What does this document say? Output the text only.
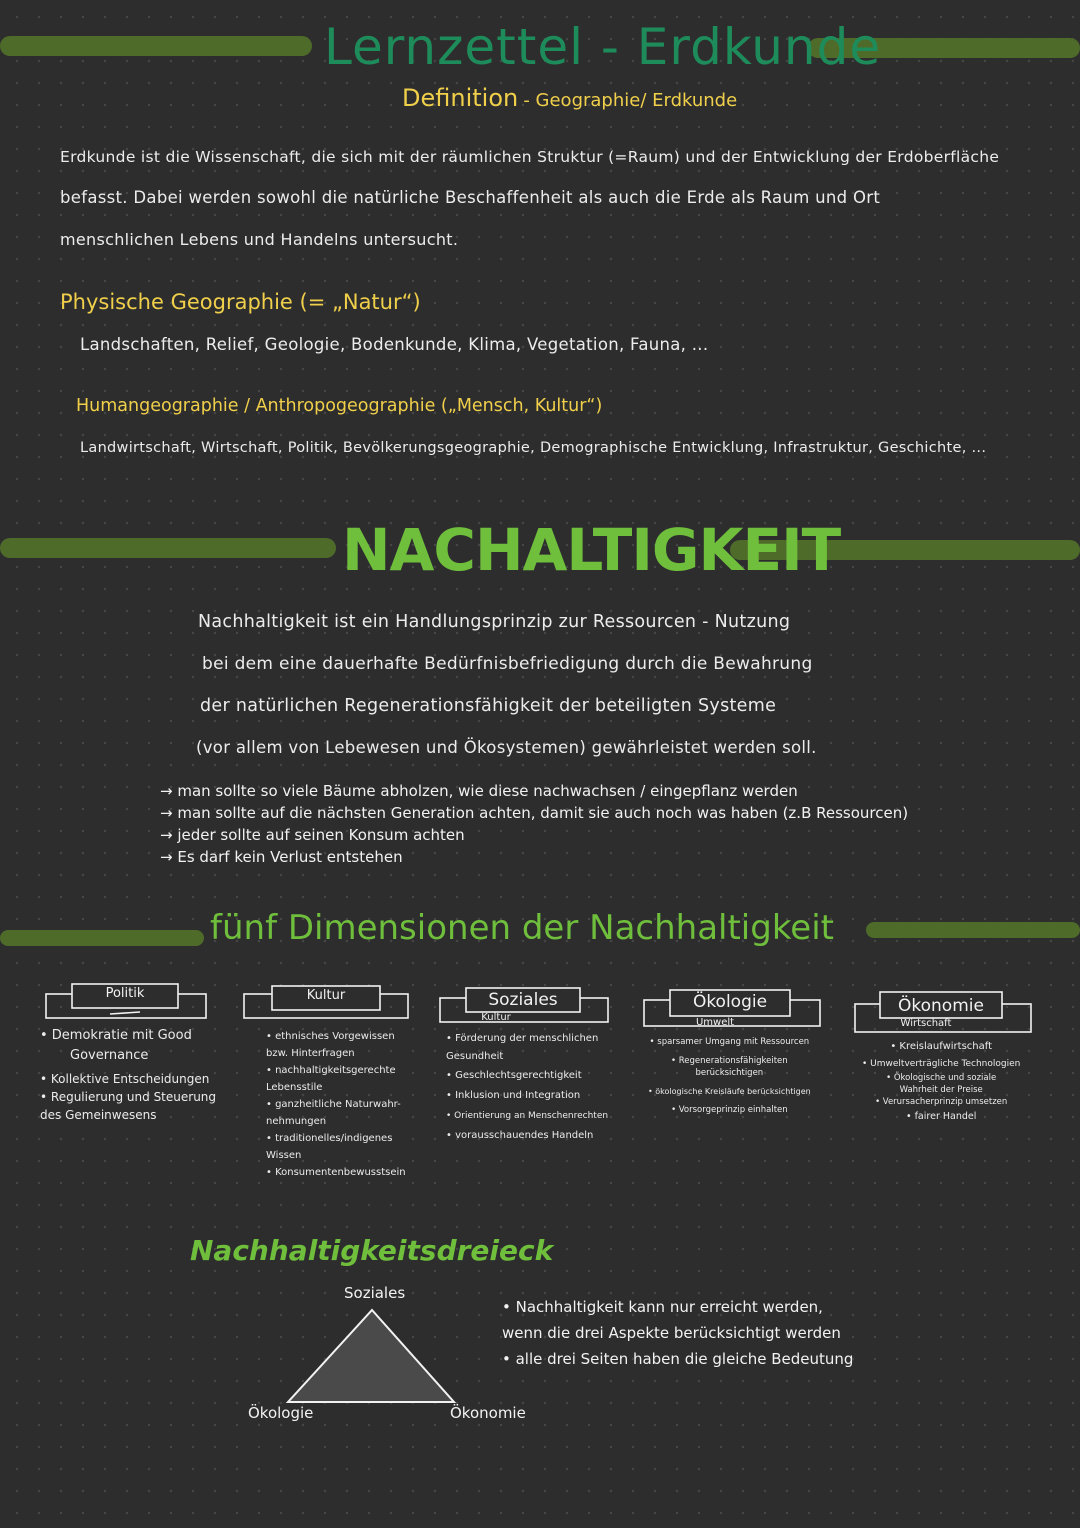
Lernzettel - Erdkunde
Definition - Geographie/ Erdkunde
Erdkunde ist die Wissenschaft, die sich mit der räumlichen Struktur (=Raum) und der Entwicklung der Erdoberfläche
befasst. Dabei werden sowohl die natürliche Beschaffenheit als auch die Erde als Raum und Ort
menschlichen Lebens und Handelns untersucht.
Physische Geographie (= „Natur“)
Landschaften, Relief, Geologie, Bodenkunde, Klima, Vegetation, Fauna, ...
Humangeographie / Anthropogeographie („Mensch, Kultur“)
Landwirtschaft, Wirtschaft, Politik, Bevölkerungsgeographie, Demographische Entwicklung, Infrastruktur, Geschichte, ...
NACHALTIGKEIT
Nachhaltigkeit ist ein Handlungsprinzip zur Ressourcen - Nutzung
bei dem eine dauerhafte Bedürfnisbefriedigung durch die Bewahrung
der natürlichen Regenerationsfähigkeit der beteiligten Systeme
(vor allem von Lebewesen und Ökosystemen) gewährleistet werden soll.
→ man sollte so viele Bäume abholzen, wie diese nachwachsen / eingepflanz werden
→ man sollte auf die nächsten Generation achten, damit sie auch noch was haben (z.B Ressourcen)
→ jeder sollte auf seinen Konsum achten
→ Es darf kein Verlust entstehen
fünf Dimensionen der Nachhaltigkeit
Politik	Kultur	Soziales
Kultur
Ökologie
Umwelt
Ökonomie
Wirtschaft
• Demokratie mit Good
Governance
• Kollektive Entscheidungen
• Regulierung und Steuerung
des Gemeinwesens
• ethnisches Vorgewissen
bzw. Hinterfragen
• nachhaltigkeitsgerechte
Lebensstile
• ganzheitliche Naturwahr-
nehmungen
• traditionelles/indigenes
Wissen
• Konsumentenbewusstsein
• Förderung der menschlichen
Gesundheit
• Geschlechtsgerechtigkeit
• Inklusion und Integration
• Orientierung an Menschenrechten
• vorausschauendes Handeln
• sparsamer Umgang mit Ressourcen
• Regenerationsfähigkeiten
berücksichtigen
• ökologische Kreisläufe berücksichtigen
• Vorsorgeprinzip einhalten
• Kreislaufwirtschaft
• Umweltverträgliche Technologien
• Ökologische und soziale
Wahrheit der Preise
• Verursacherprinzip umsetzen
• fairer Handel
Nachhaltigkeitsdreieck
Soziales
Ökologie	Ökonomie
• Nachhaltigkeit kann nur erreicht werden,
wenn die drei Aspekte berücksichtigt werden
• alle drei Seiten haben die gleiche Bedeutung
